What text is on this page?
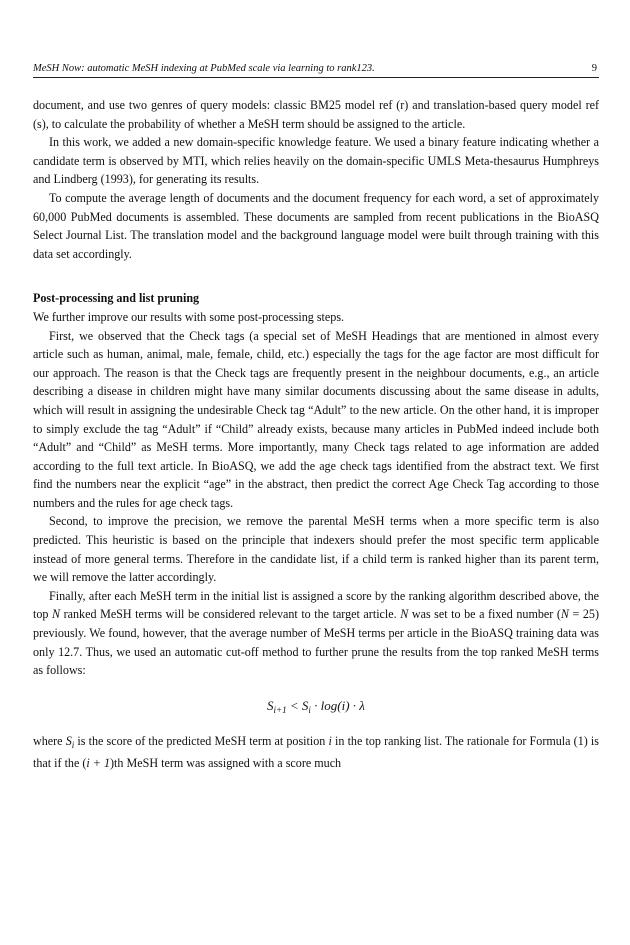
MeSH Now: automatic MeSH indexing at PubMed scale via learning to rank123.	9

document, and use two genres of query models: classic BM25 model ref (r) and translation-based query model ref (s), to calculate the probability of whether a MeSH term should be assigned to the article.

In this work, we added a new domain-specific knowledge feature. We used a binary feature indicating whether a candidate term is observed by MTI, which relies heavily on the domain-specific UMLS Meta-thesaurus Humphreys and Lindberg (1993), for generating its results.

To compute the average length of documents and the document frequency for each word, a set of approximately 60,000 PubMed documents is assembled. These documents are sampled from recent publications in the BioASQ Select Journal List. The translation model and the background language model were built through training with this data set accordingly.

Post-processing and list pruning

We further improve our results with some post-processing steps.

First, we observed that the Check tags (a special set of MeSH Headings that are mentioned in almost every article such as human, animal, male, female, child, etc.) especially the tags for the age factor are most difficult for our approach. The reason is that the Check tags are frequently present in the neighbour documents, e.g., an article describing a disease in children might have many similar documents discussing about the same disease in adults, which will result in assigning the undesirable Check tag “Adult” to the new article. On the other hand, it is improper to simply exclude the tag “Adult” if “Child” already exists, because many articles in PubMed indeed include both “Adult” and “Child” as MeSH terms. More importantly, many Check tags related to age information are added according to the full text article. In BioASQ, we add the age check tags identified from the abstract text. We first find the numbers near the explicit “age” in the abstract, then predict the correct Age Check Tag according to those numbers and the rules for age check tags.

Second, to improve the precision, we remove the parental MeSH terms when a more specific term is also predicted. This heuristic is based on the principle that indexers should prefer the most specific term applicable instead of more general terms. Therefore in the candidate list, if a child term is ranked higher than its parent term, we will remove the latter accordingly.

Finally, after each MeSH term in the initial list is assigned a score by the ranking algorithm described above, the top N ranked MeSH terms will be considered relevant to the target article. N was set to be a fixed number (N = 25) previously. We found, however, that the average number of MeSH terms per article in the BioASQ training data was only 12.7. Thus, we used an automatic cut-off method to further prune the results from the top ranked MeSH terms as follows:

$S_{i+1} < S_i \cdot \log(i) \cdot \lambda$

where $S_i$ is the score of the predicted MeSH term at position i in the top ranking list. The rationale for Formula (1) is that if the (i + 1)th MeSH term was assigned with a score much
